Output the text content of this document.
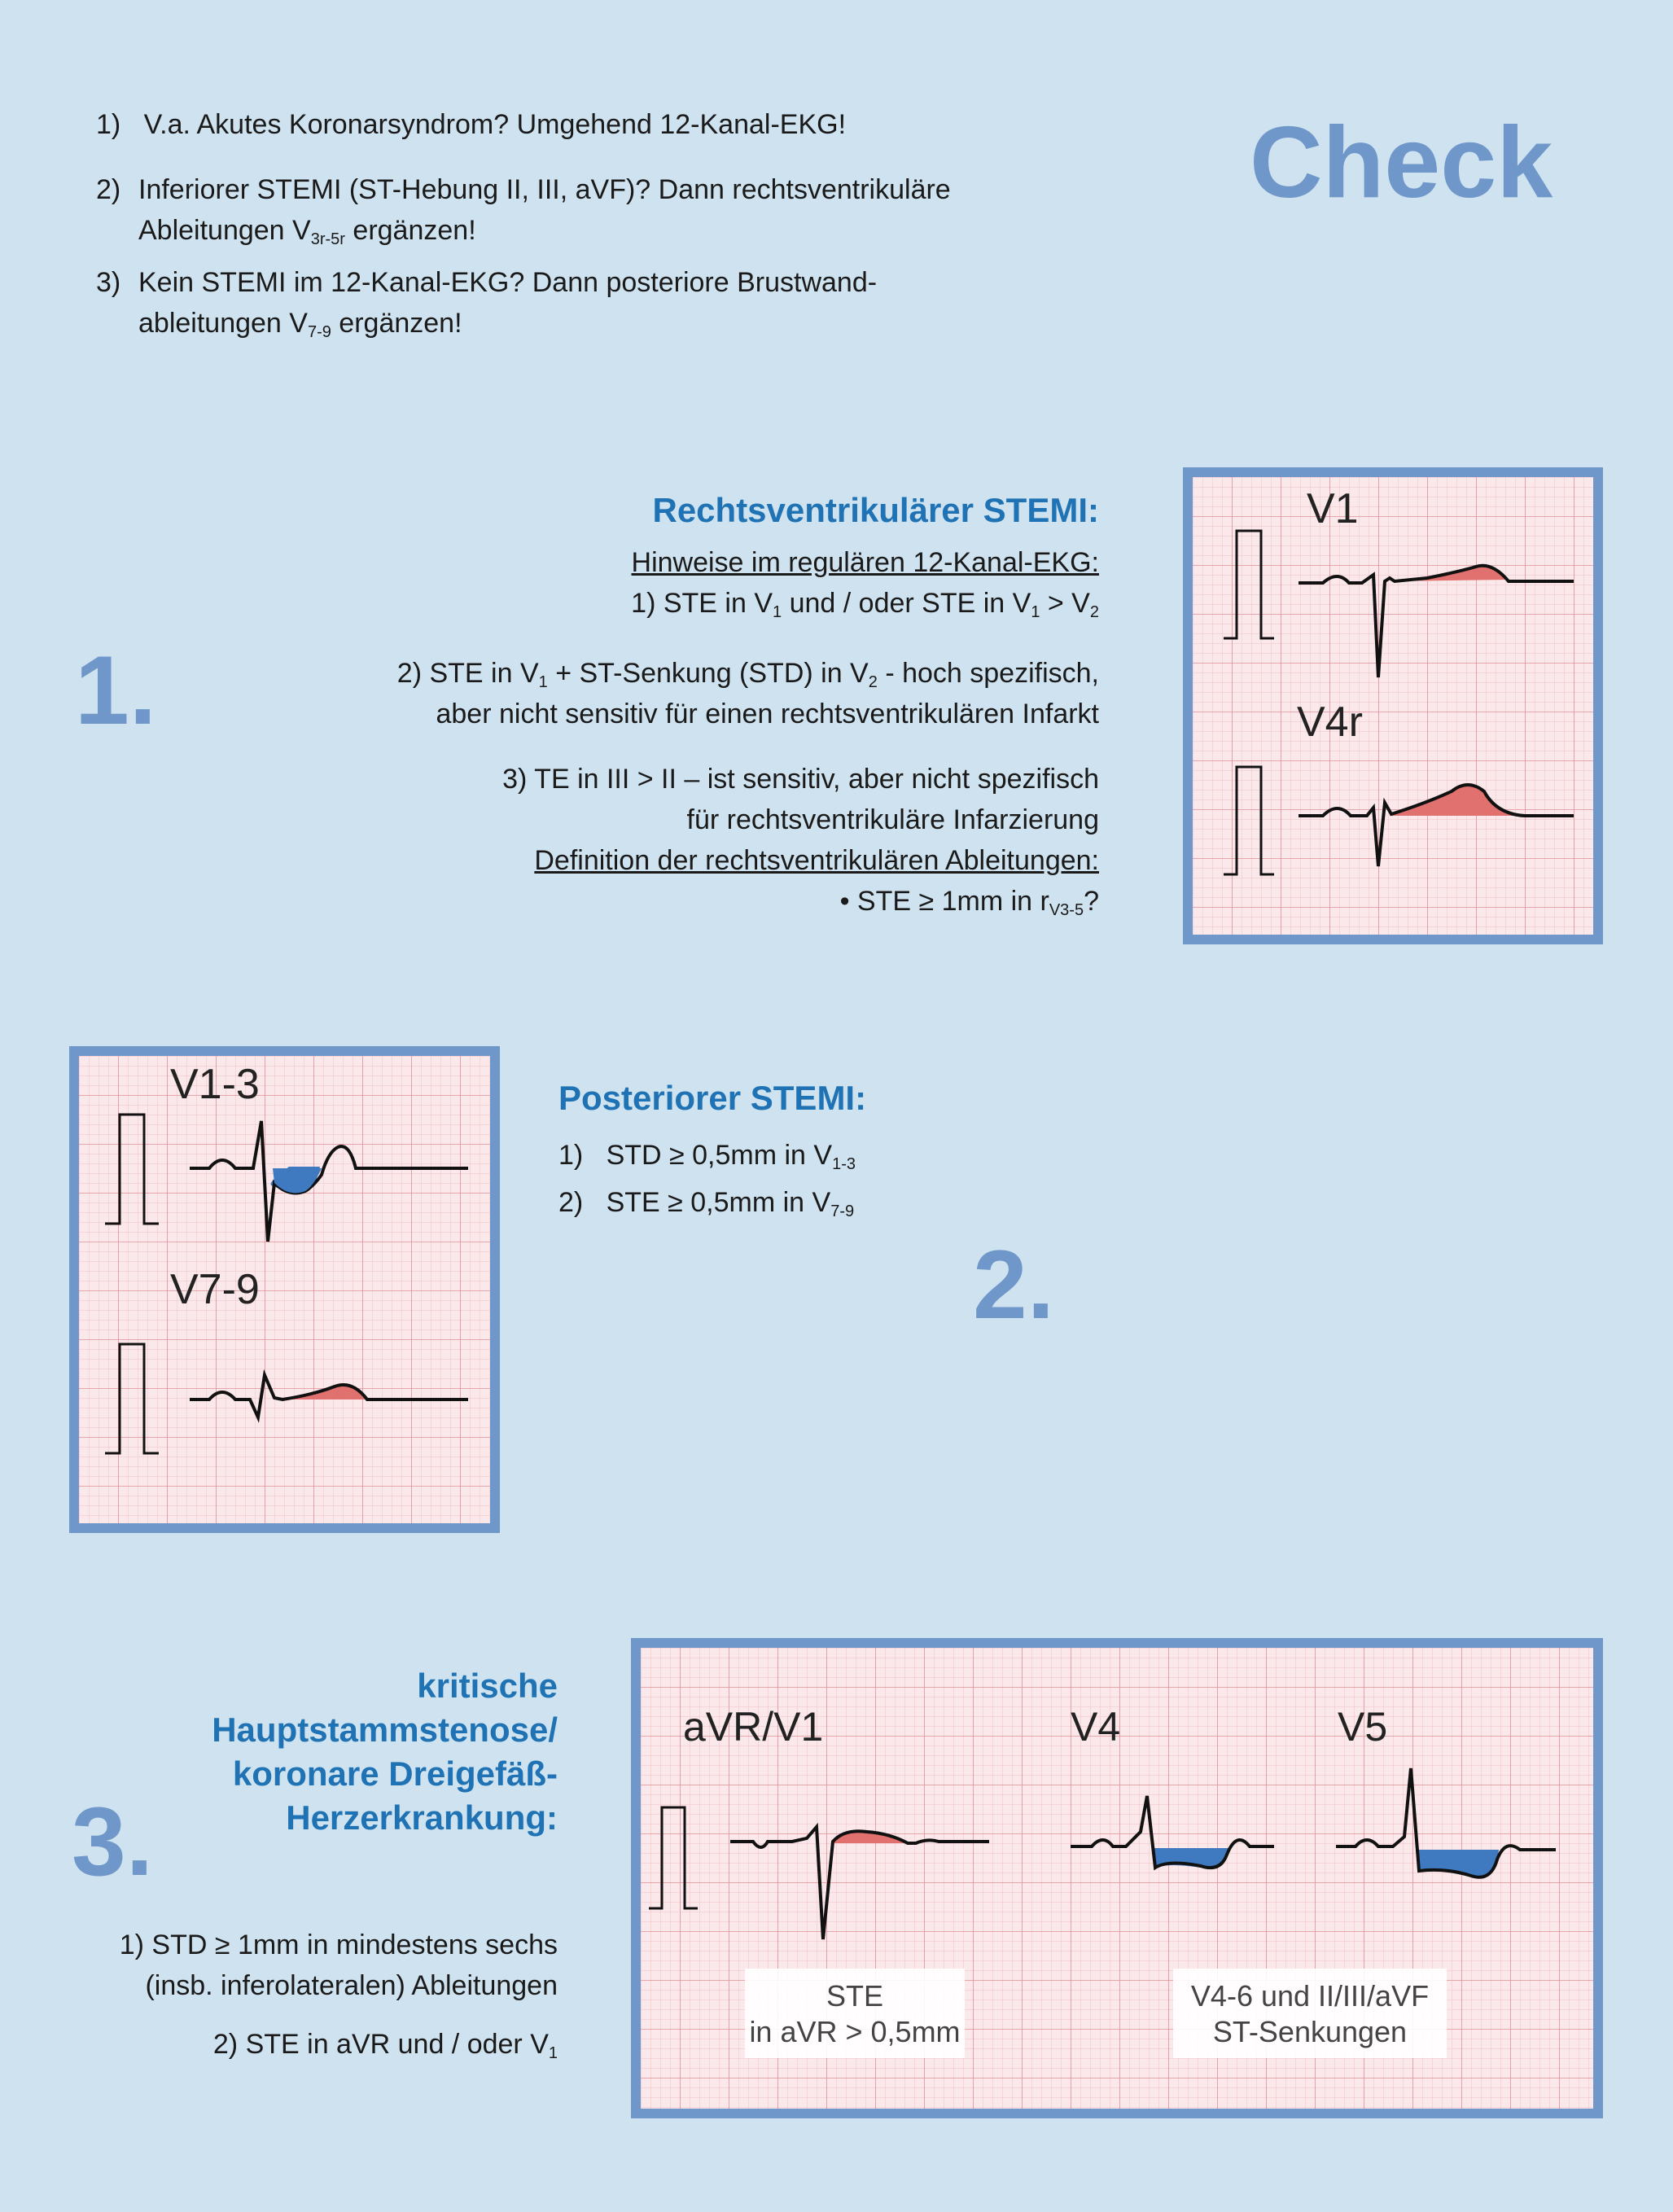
Check
1) V.a. Akutes Koronarsyndrom? Umgehend 12-Kanal-EKG!
2) Inferiorer STEMI (ST-Hebung II, III, aVF)? Dann rechtsventrikuläre
Ableitungen $V_{3r-5r}$ ergänzen!
3) Kein STEMI im 12-Kanal-EKG? Dann posteriore Brustwand-
ableitungen $V_{7-9}$ ergänzen!
1.
Rechtsventrikulärer STEMI:
Hinweise im regulären 12-Kanal-EKG:
1) STE in $V_1$ und / oder STE in $V_1 > V_2$
2) STE in $V_1$ + ST-Senkung (STD) in $V_2$ - hoch spezifisch,
aber nicht sensitiv für einen rechtsventrikulären Infarkt
3) TE in III > II – ist sensitiv, aber nicht spezifisch
für rechtsventrikuläre Infarzierung
Definition der rechtsventrikulären Ableitungen:
• STE ≥ 1mm in $r_{V3-5}$?
V1
V4r
V1-3
V7-9
Posteriorer STEMI:
1) STD ≥ 0,5mm in $V_{1-3}$
2) STE ≥ 0,5mm in $V_{7-9}$
2.
kritische
Hauptstammstenose/
koronare Dreigefäß-
Herzerkrankung:
3.
1) STD ≥ 1mm in mindestens sechs
(insb. inferolateralen) Ableitungen
2) STE in aVR und / oder $V_1$
aVR/V1	V4	V5
STE
in aVR > 0,5mm
V4-6 und II/III/aVF
ST-Senkungen
